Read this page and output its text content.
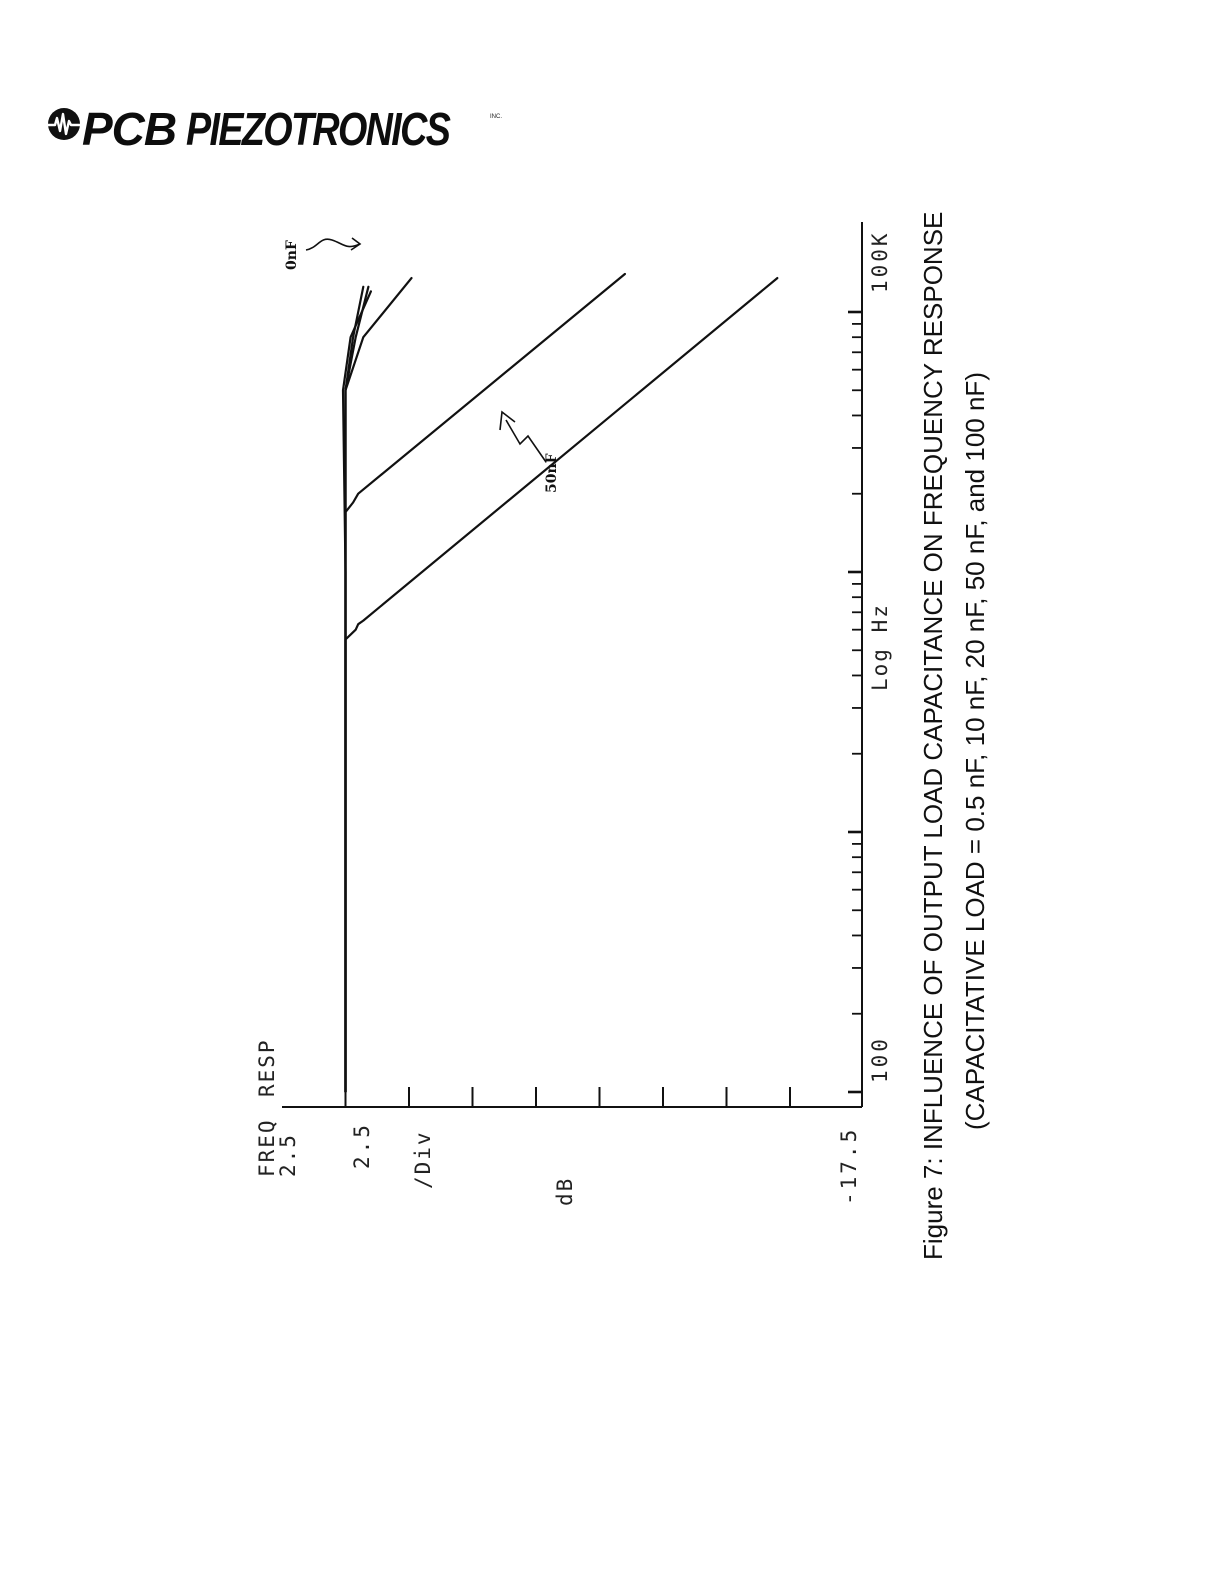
PCB PIEZOTRONICS	INC.
FREQ
RESP
2.5 2.5 /Div
dB	-17.5
100
Log Hz
100K
0nF
50nF	Figure 7: INFLUENCE OF OUTPUT LOAD CAPACITANCE ON FREQUENCY RESPONSE (CAPACITATIVE LOAD = 0.5 nF, 10 nF, 20 nF, 50 nF, and 100 nF)
